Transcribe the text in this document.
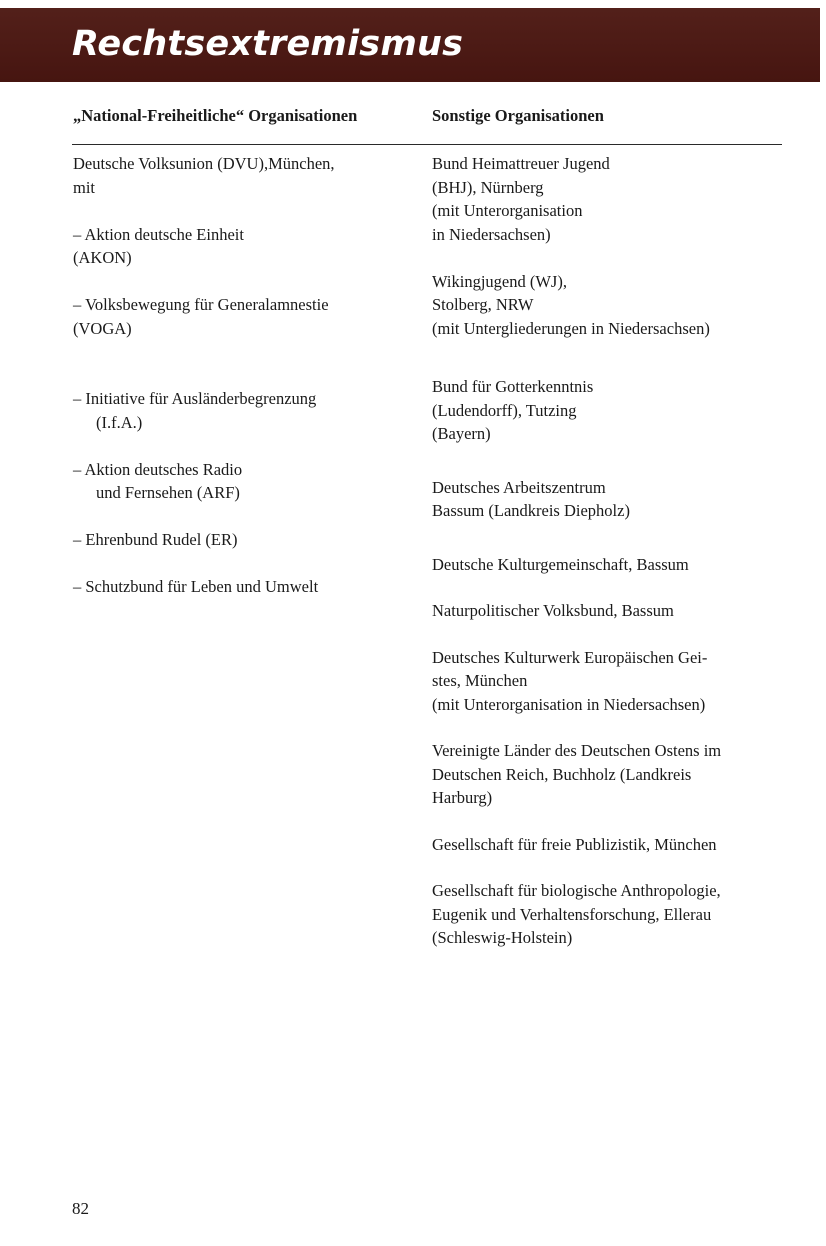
Rechtsextremismus

„National-Freiheitliche“ Organisationen	Sonstige Organisationen

Deutsche Volksunion (DVU),München,
mit

– Aktion deutsche Einheit
(AKON)

– Volksbewegung für Generalamnestie
(VOGA)

– Initiative für Ausländerbegrenzung
(I.f.A.)

– Aktion deutsches Radio
und Fernsehen (ARF)

– Ehrenbund Rudel (ER)

– Schutzbund für Leben und Umwelt

Bund Heimattreuer Jugend
(BHJ), Nürnberg
(mit Unterorganisation
in Niedersachsen)

Wikingjugend (WJ),
Stolberg, NRW
(mit Untergliederungen in Niedersachsen)

Bund für Gotterkenntnis
(Ludendorff), Tutzing
(Bayern)

Deutsches Arbeitszentrum
Bassum (Landkreis Diepholz)

Deutsche Kulturgemeinschaft, Bassum

Naturpolitischer Volksbund, Bassum

Deutsches Kulturwerk Europäischen Gei-
stes, München
(mit Unterorganisation in Niedersachsen)

Vereinigte Länder des Deutschen Ostens im
Deutschen Reich, Buchholz (Landkreis
Harburg)

Gesellschaft für freie Publizistik, München

Gesellschaft für biologische Anthropologie,
Eugenik und Verhaltensforschung, Ellerau
(Schleswig-Holstein)

82
